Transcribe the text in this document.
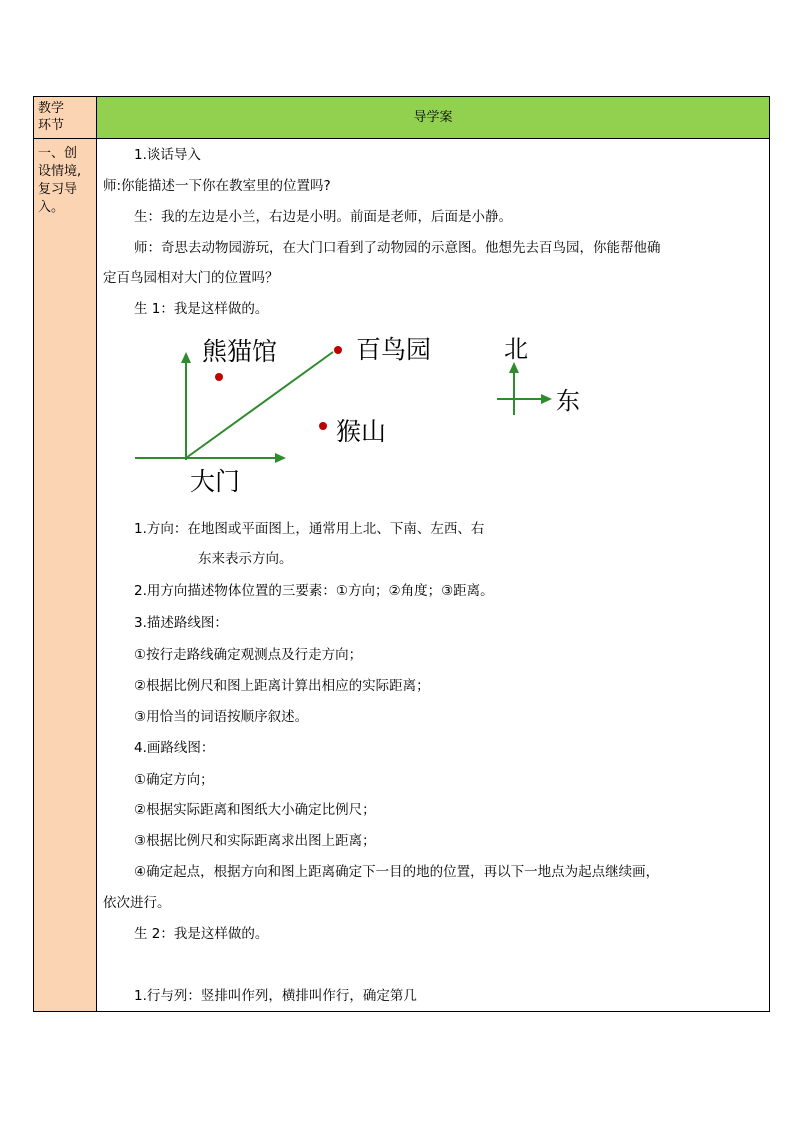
教学
环节
导学案
一、创
设情境,
复习导
入。
1.谈话导入
师:你能描述一下你在教室里的位置吗?
生：我的左边是小兰，右边是小明。前面是老师，后面是小静。
师：奇思去动物园游玩，在大门口看到了动物园的示意图。他想先去百鸟园，你能帮他确
定百鸟园相对大门的位置吗？
生 1：我是这样做的。
熊猫馆	百鸟园
猴山
大门
北
东
1.方向：在地图或平面图上，通常用上北、下南、左西、右
东来表示方向。
2.用方向描述物体位置的三要素：①方向；②角度；③距离。
3.描述路线图：
①按行走路线确定观测点及行走方向；
②根据比例尺和图上距离计算出相应的实际距离；
③用恰当的词语按顺序叙述。
4.画路线图：
①确定方向；
②根据实际距离和图纸大小确定比例尺；
③根据比例尺和实际距离求出图上距离；
④确定起点，根据方向和图上距离确定下一目的地的位置，再以下一地点为起点继续画，
依次进行。
生 2：我是这样做的。
1.行与列：竖排叫作列，横排叫作行，确定第几
